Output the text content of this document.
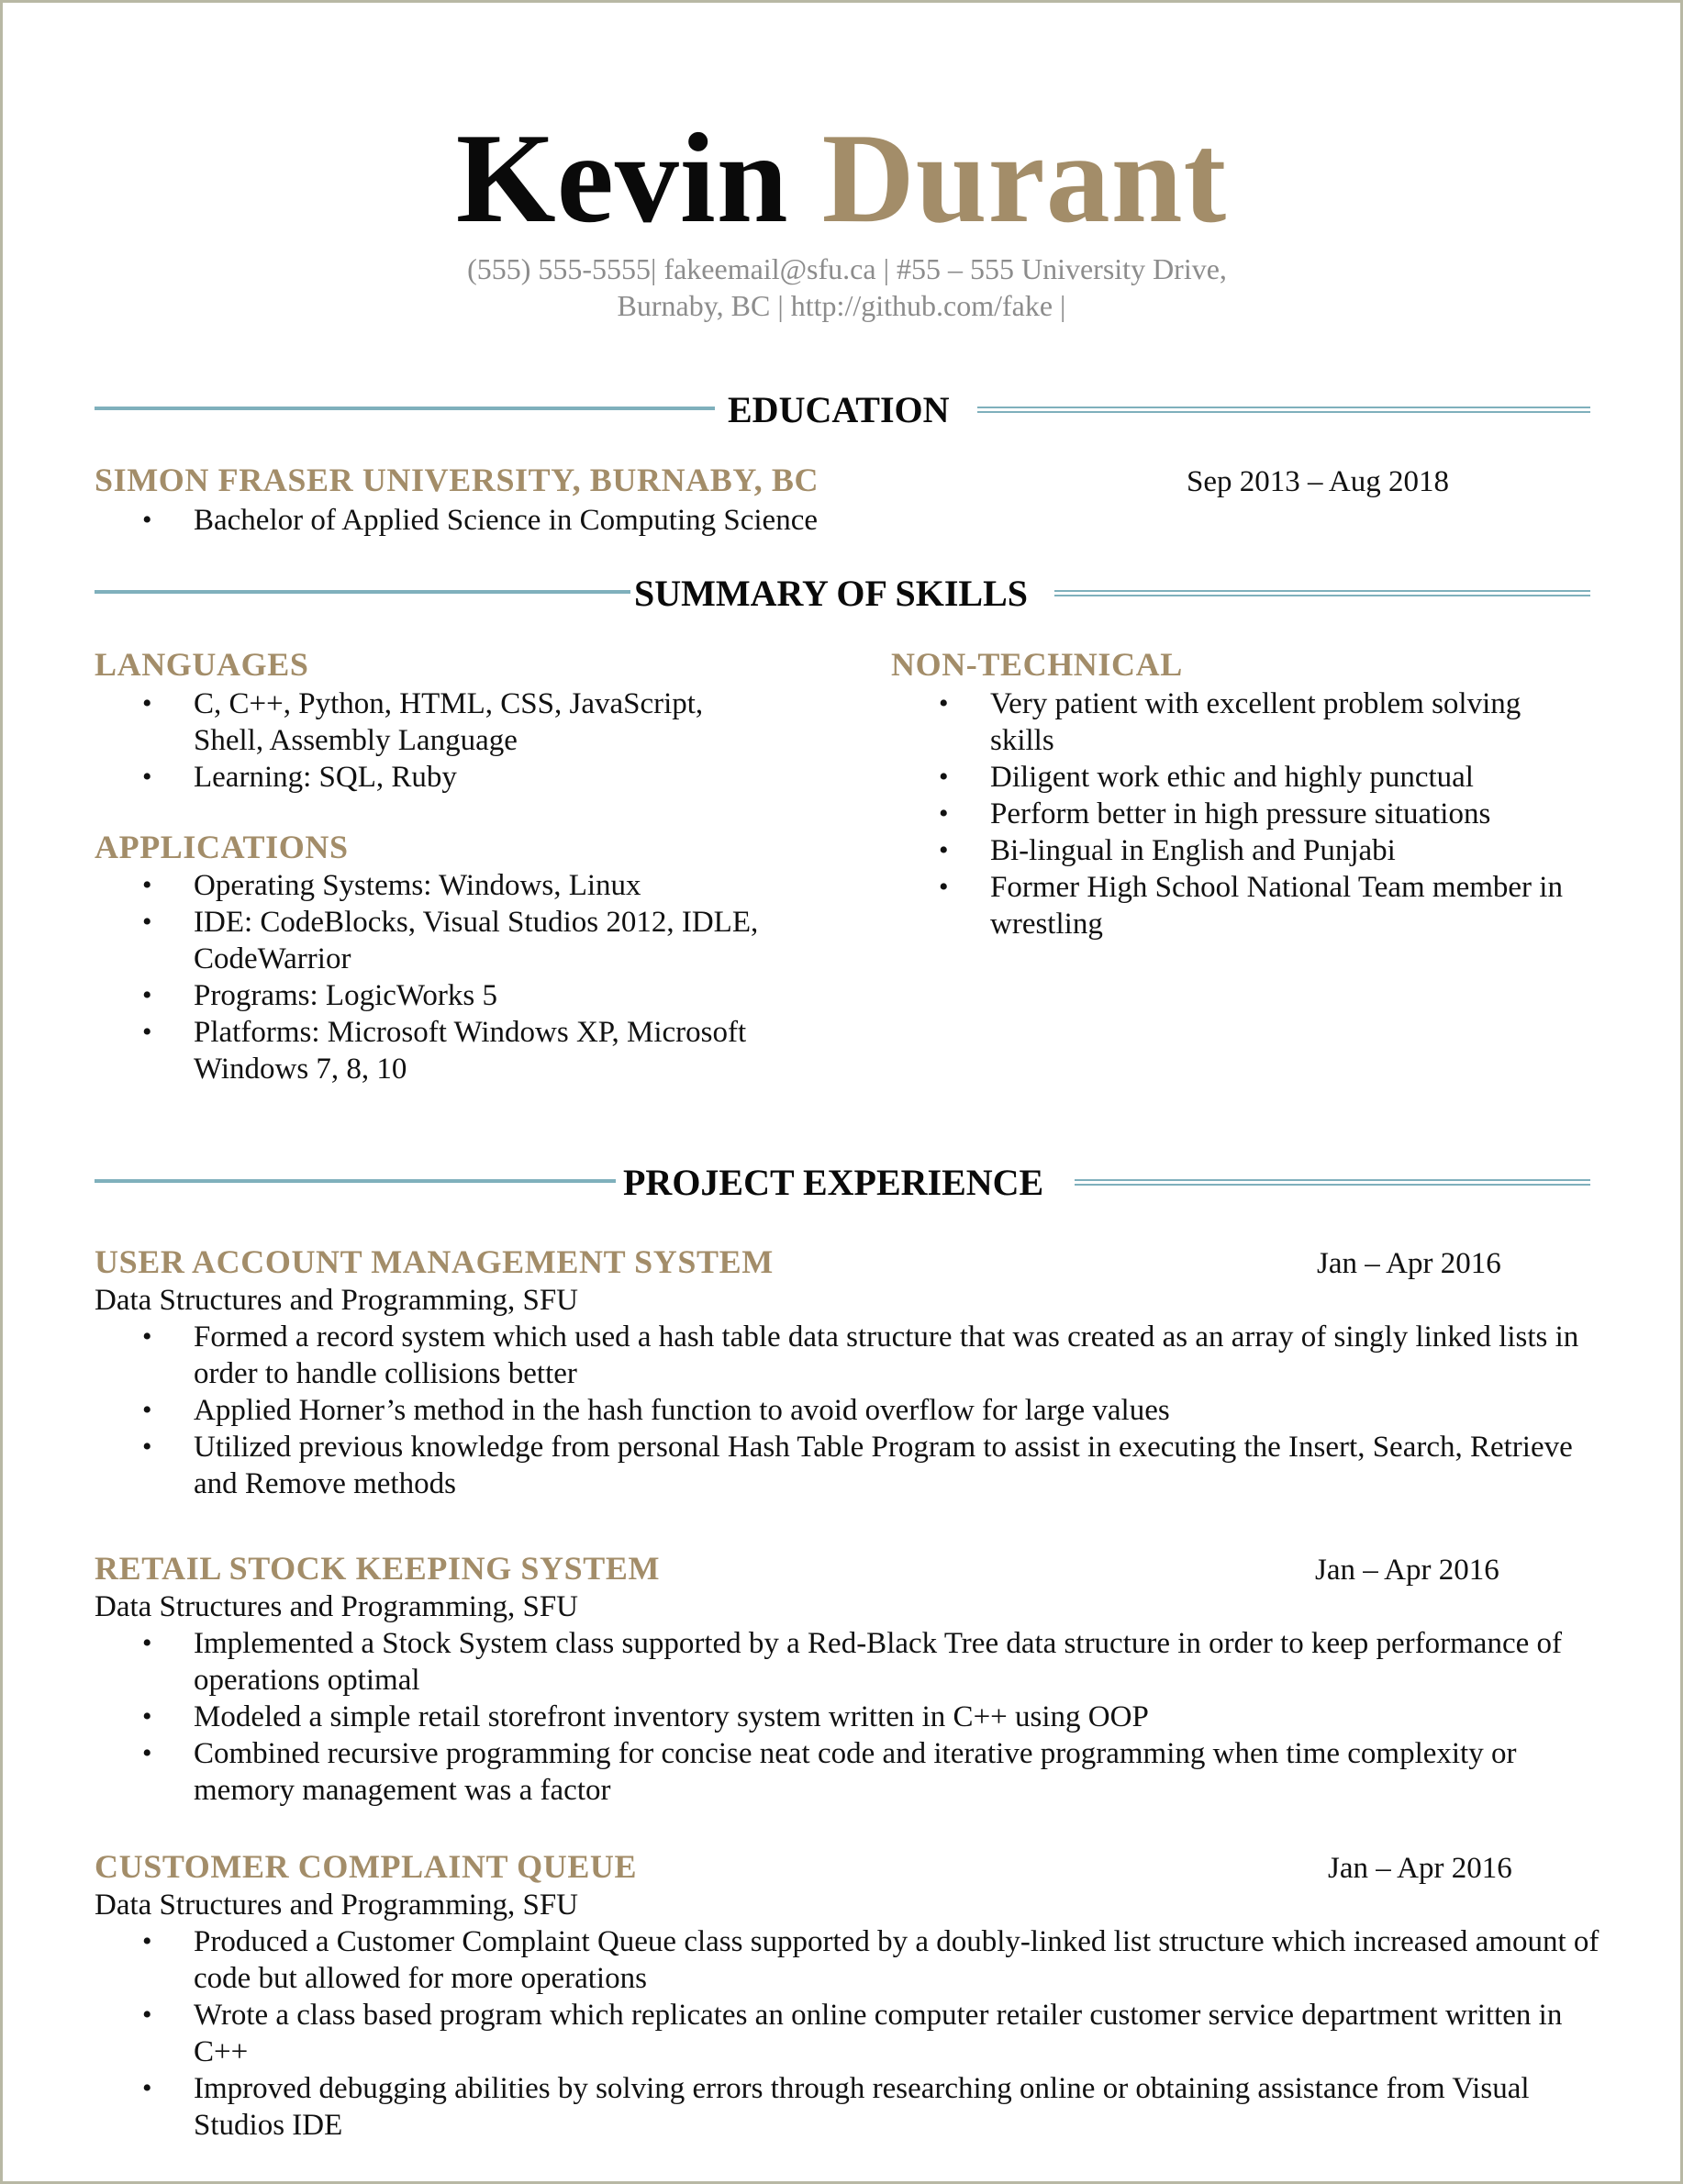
Kevin Durant
(555) 555-5555| fakeemail@sfu.ca | #55 – 555 University Drive,
Burnaby, BC | http://github.com/fake |
EDUCATION
SIMON FRASER UNIVERSITY, BURNABY, BC	Sep 2013 – Aug 2018
• Bachelor of Applied Science in Computing Science
SUMMARY OF SKILLS
LANGUAGES
• C, C++, Python, HTML, CSS, JavaScript, Shell, Assembly Language
• Learning: SQL, Ruby
APPLICATIONS
• Operating Systems: Windows, Linux
• IDE: CodeBlocks, Visual Studios 2012, IDLE, CodeWarrior
• Programs: LogicWorks 5
• Platforms: Microsoft Windows XP, Microsoft Windows 7, 8, 10
NON-TECHNICAL
• Very patient with excellent problem solving skills
• Diligent work ethic and highly punctual
• Perform better in high pressure situations
• Bi-lingual in English and Punjabi
• Former High School National Team member in wrestling
PROJECT EXPERIENCE
USER ACCOUNT MANAGEMENT SYSTEM	Jan – Apr 2016
Data Structures and Programming, SFU
• Formed a record system which used a hash table data structure that was created as an array of singly linked lists in order to handle collisions better
• Applied Horner’s method in the hash function to avoid overflow for large values
• Utilized previous knowledge from personal Hash Table Program to assist in executing the Insert, Search, Retrieve and Remove methods
RETAIL STOCK KEEPING SYSTEM	Jan – Apr 2016
Data Structures and Programming, SFU
• Implemented a Stock System class supported by a Red-Black Tree data structure in order to keep performance of operations optimal
• Modeled a simple retail storefront inventory system written in C++ using OOP
• Combined recursive programming for concise neat code and iterative programming when time complexity or memory management was a factor
CUSTOMER COMPLAINT QUEUE	Jan – Apr 2016
Data Structures and Programming, SFU
• Produced a Customer Complaint Queue class supported by a doubly-linked list structure which increased amount of code but allowed for more operations
• Wrote a class based program which replicates an online computer retailer customer service department written in C++
• Improved debugging abilities by solving errors through researching online or obtaining assistance from Visual Studios IDE
